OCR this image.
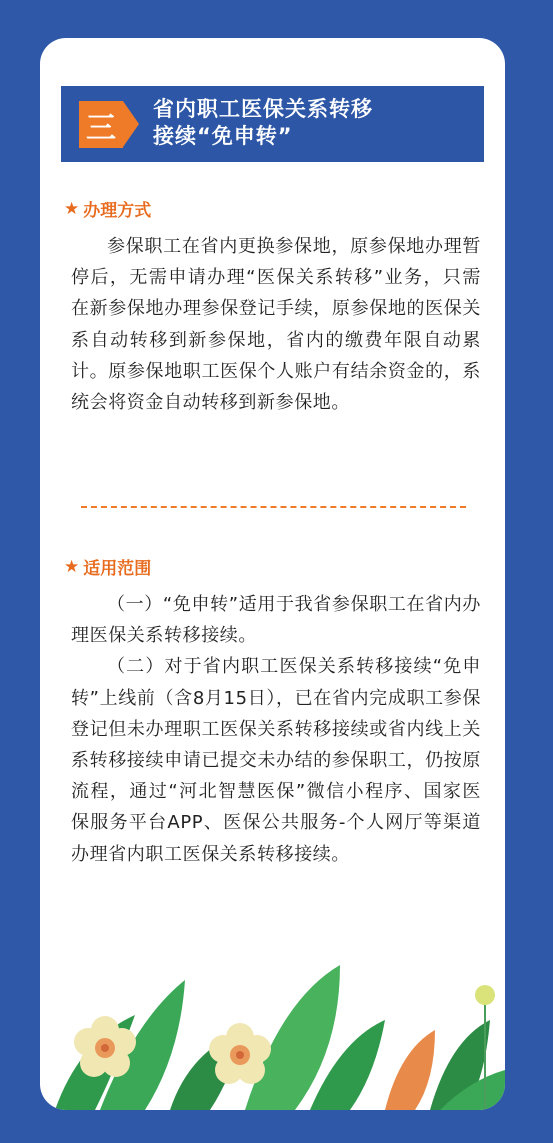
三
省内职工医保关系转移
接续“免申转”
★ 办理方式

参保职工在省内更换参保地，原参保地办理暂停后，无需申请办理“医保关系转移”业务，只需在新参保地办理参保登记手续，原参保地的医保关系自动转移到新参保地，省内的缴费年限自动累计。原参保地职工医保个人账户有结余资金的，系统会将资金自动转移到新参保地。

★ 适用范围

（一）“免申转”适用于我省参保职工在省内办理医保关系转移接续。

（二）对于省内职工医保关系转移接续“免申转”上线前（含8月15日），已在省内完成职工参保登记但未办理职工医保关系转移接续或省内线上关系转移接续申请已提交未办结的参保职工，仍按原流程，通过“河北智慧医保”微信小程序、国家医保服务平台APP、医保公共服务-个人网厅等渠道办理省内职工医保关系转移接续。
